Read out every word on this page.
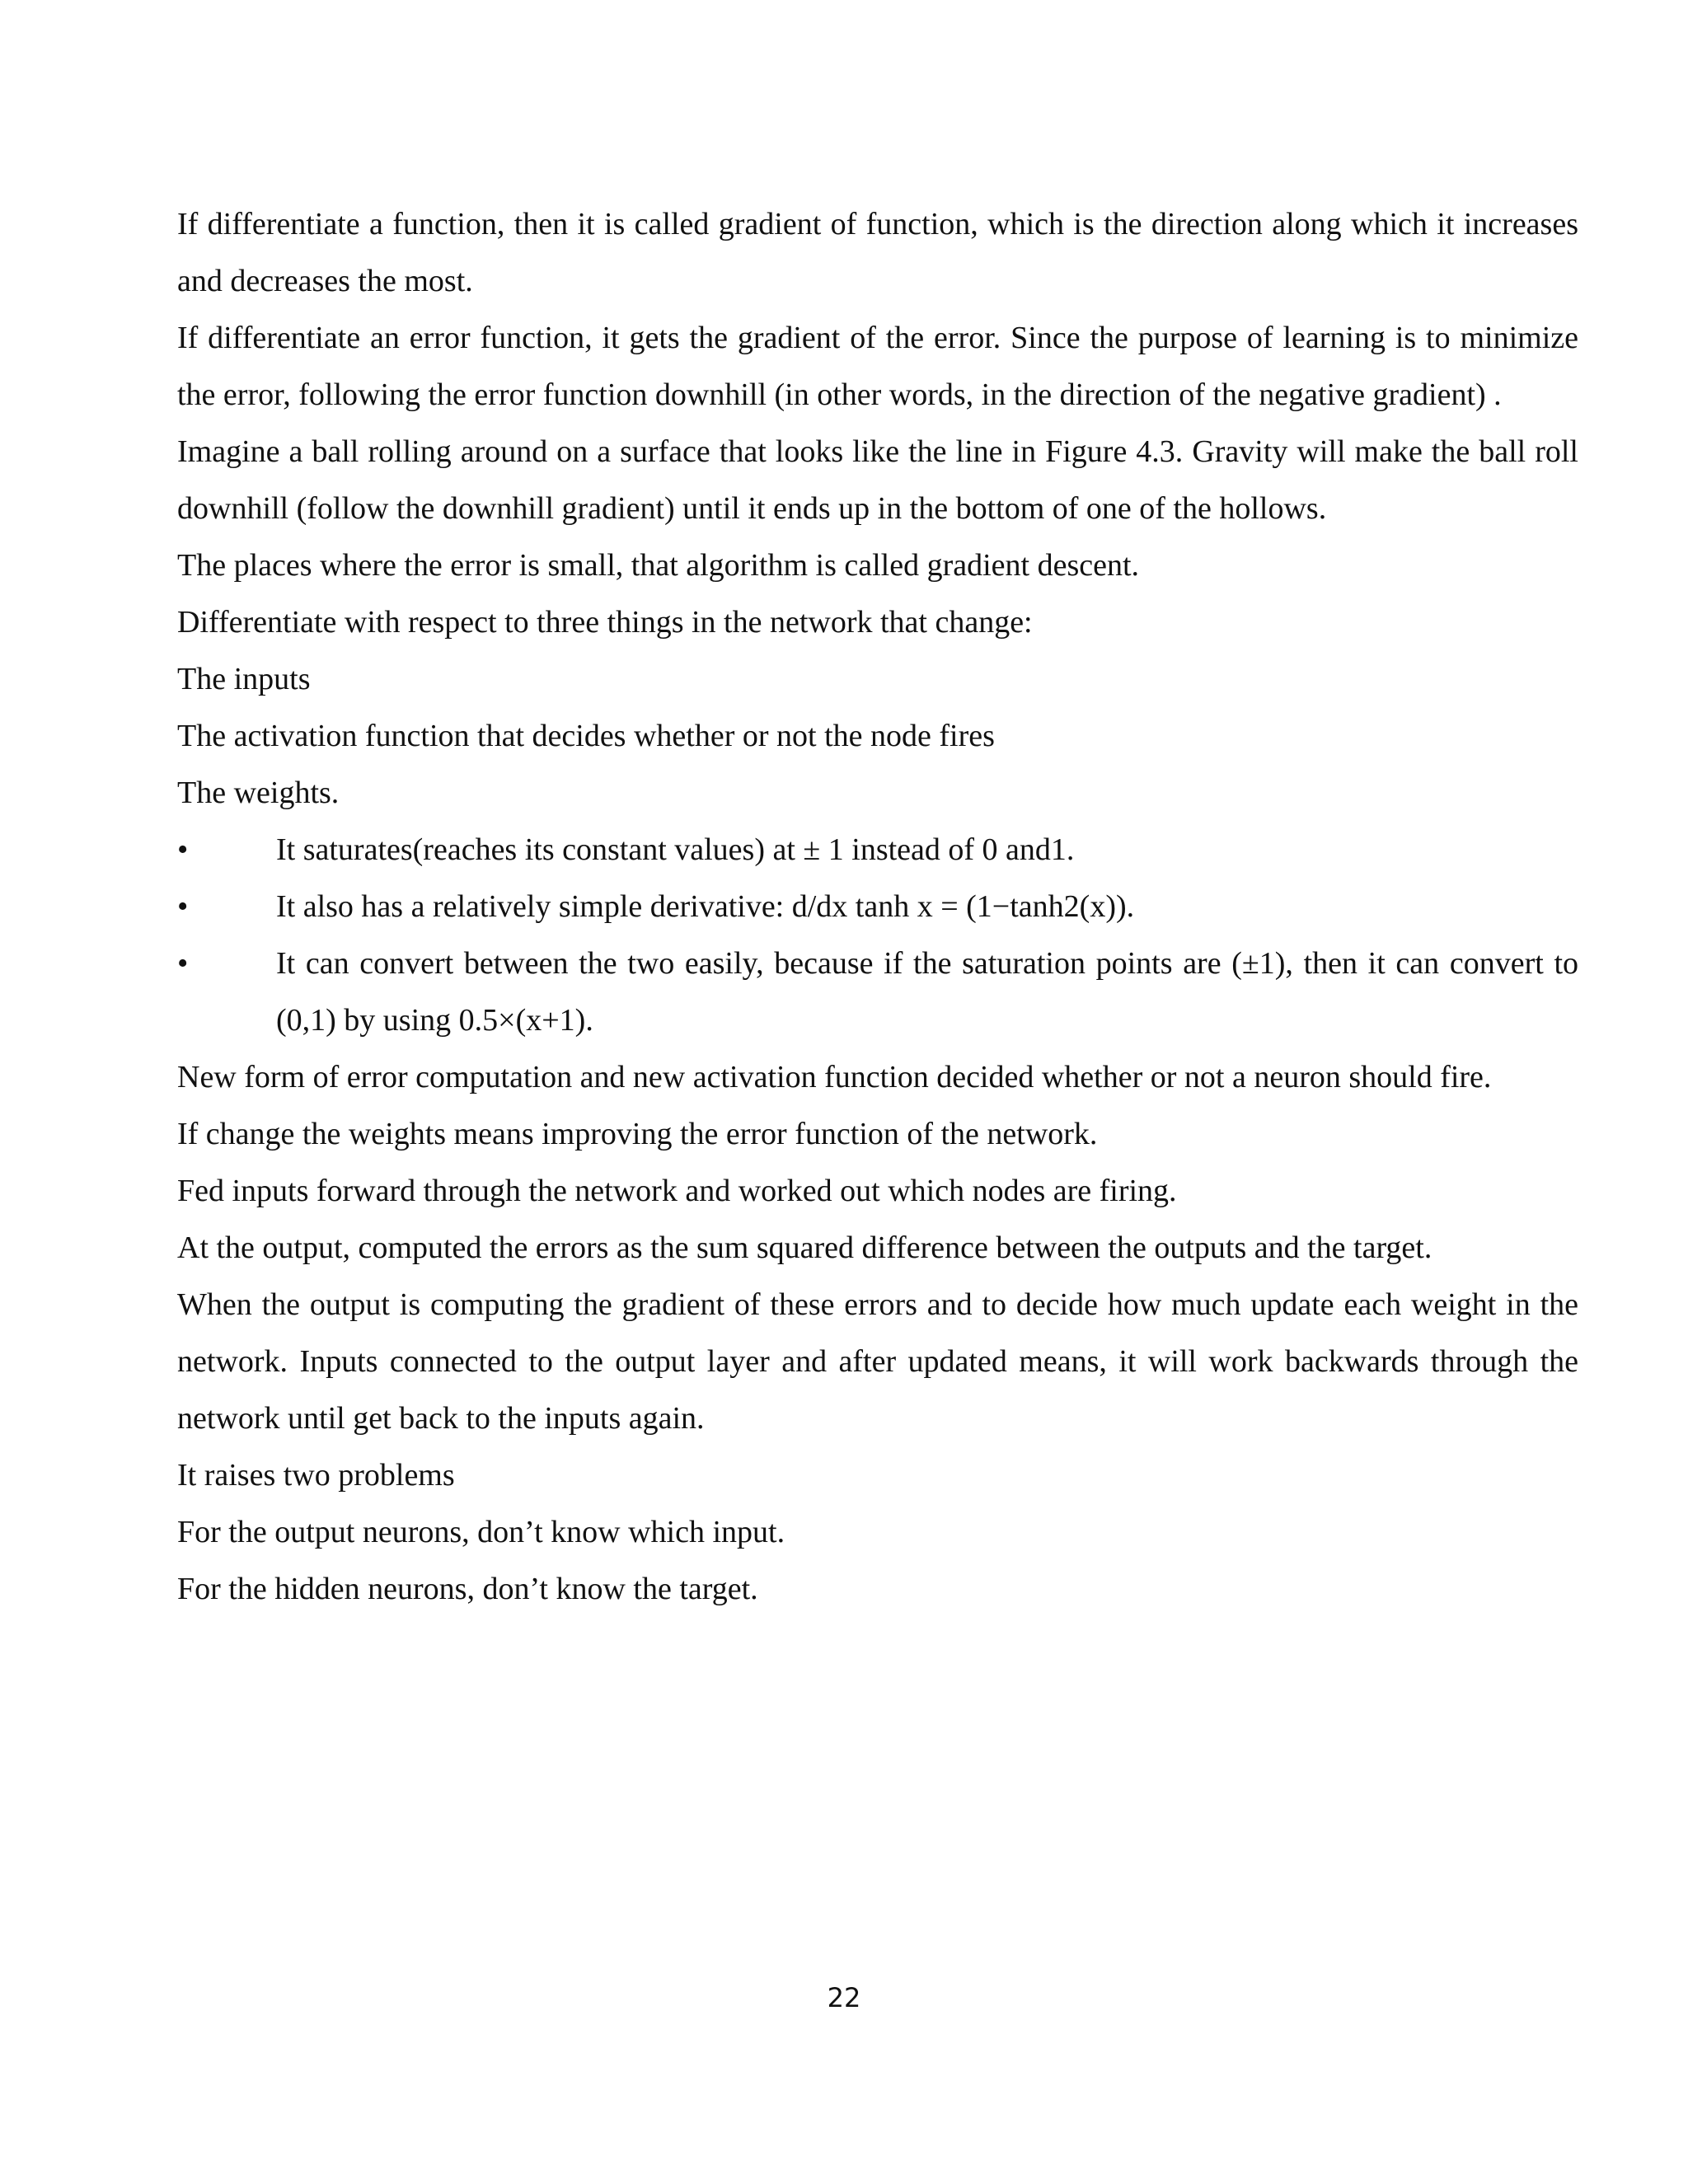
If differentiate a function, then it is called gradient of function, which is the direction along which it increases and decreases the most.

If differentiate an error function, it gets the gradient of the error. Since the purpose of learning is to minimize the error, following the error function downhill (in other words, in the direction of the negative gradient) .

Imagine a ball rolling around on a surface that looks like the line in Figure 4.3. Gravity will make the ball roll downhill (follow the downhill gradient) until it ends up in the bottom of one of the hollows.

The places where the error is small, that algorithm is called gradient descent.

Differentiate with respect to three things in the network that change:

The inputs

The activation function that decides whether or not the node fires

The weights.

•	It saturates(reaches its constant values) at ± 1 instead of 0 and1.

•	It also has a relatively simple derivative: d/dx tanh x = (1−tanh2(x)).

•	It can convert between the two easily, because if the saturation points are (±1), then it can convert to (0,1) by using 0.5×(x+1).

New form of error computation and new activation function decided whether or not a neuron should fire.

If change the weights means improving the error function of the network.

Fed inputs forward through the network and worked out which nodes are firing.

At the output, computed the errors as the sum squared difference between the outputs and the target.

When the output is computing the gradient of these errors and to decide how much update each weight in the network. Inputs connected to the output layer and after updated means, it will work backwards through the network until get back to the inputs again.

It raises two problems

For the output neurons, don’t know which input.

For the hidden neurons, don’t know the target.

22
